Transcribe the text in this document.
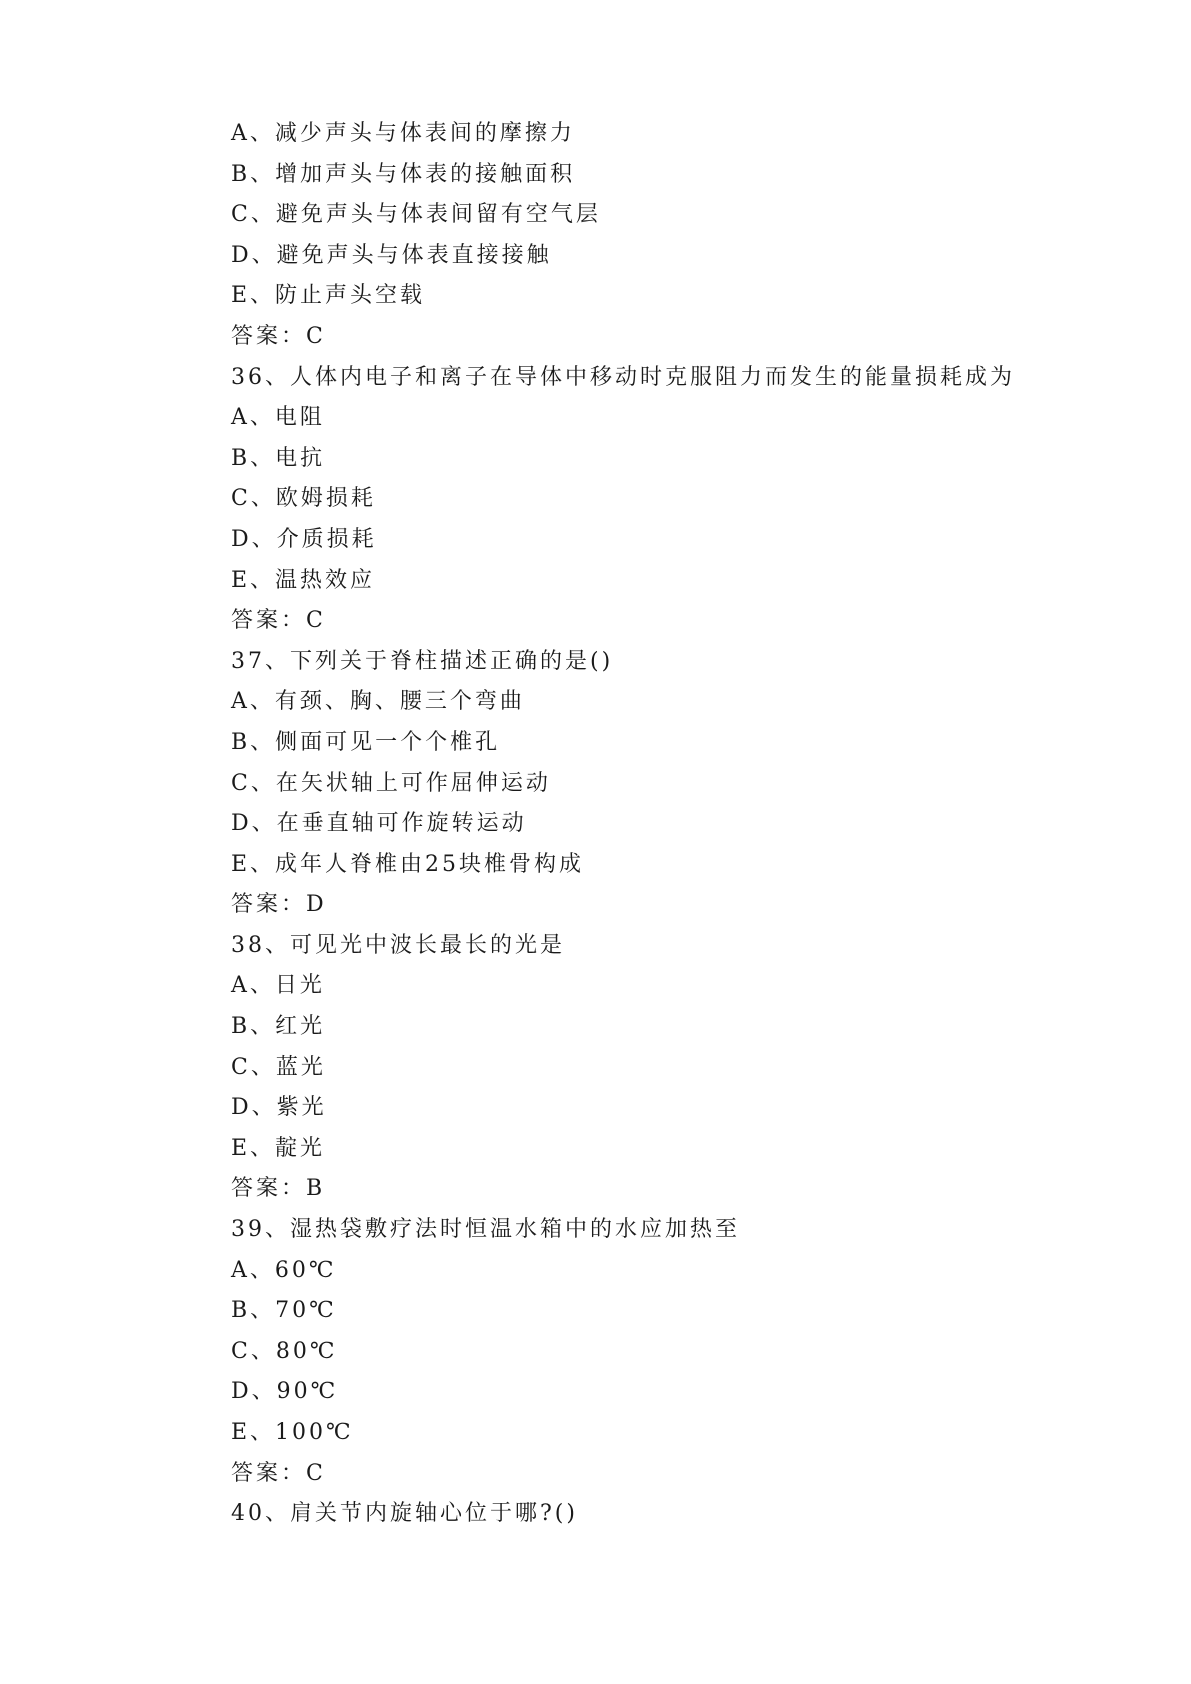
A、减少声头与体表间的摩擦力
B、增加声头与体表的接触面积
C、避免声头与体表间留有空气层
D、避免声头与体表直接接触
E、防止声头空载
答案：C
36、人体内电子和离子在导体中移动时克服阻力而发生的能量损耗成为
A、电阻
B、电抗
C、欧姆损耗
D、介质损耗
E、温热效应
答案：C
37、下列关于脊柱描述正确的是()
A、有颈、胸、腰三个弯曲
B、侧面可见一个个椎孔
C、在矢状轴上可作屈伸运动
D、在垂直轴可作旋转运动
E、成年人脊椎由25块椎骨构成
答案：D
38、可见光中波长最长的光是
A、日光
B、红光
C、蓝光
D、紫光
E、靛光
答案：B
39、湿热袋敷疗法时恒温水箱中的水应加热至
A、60℃
B、70℃
C、80℃
D、90℃
E、100℃
答案：C
40、肩关节内旋轴心位于哪?()
